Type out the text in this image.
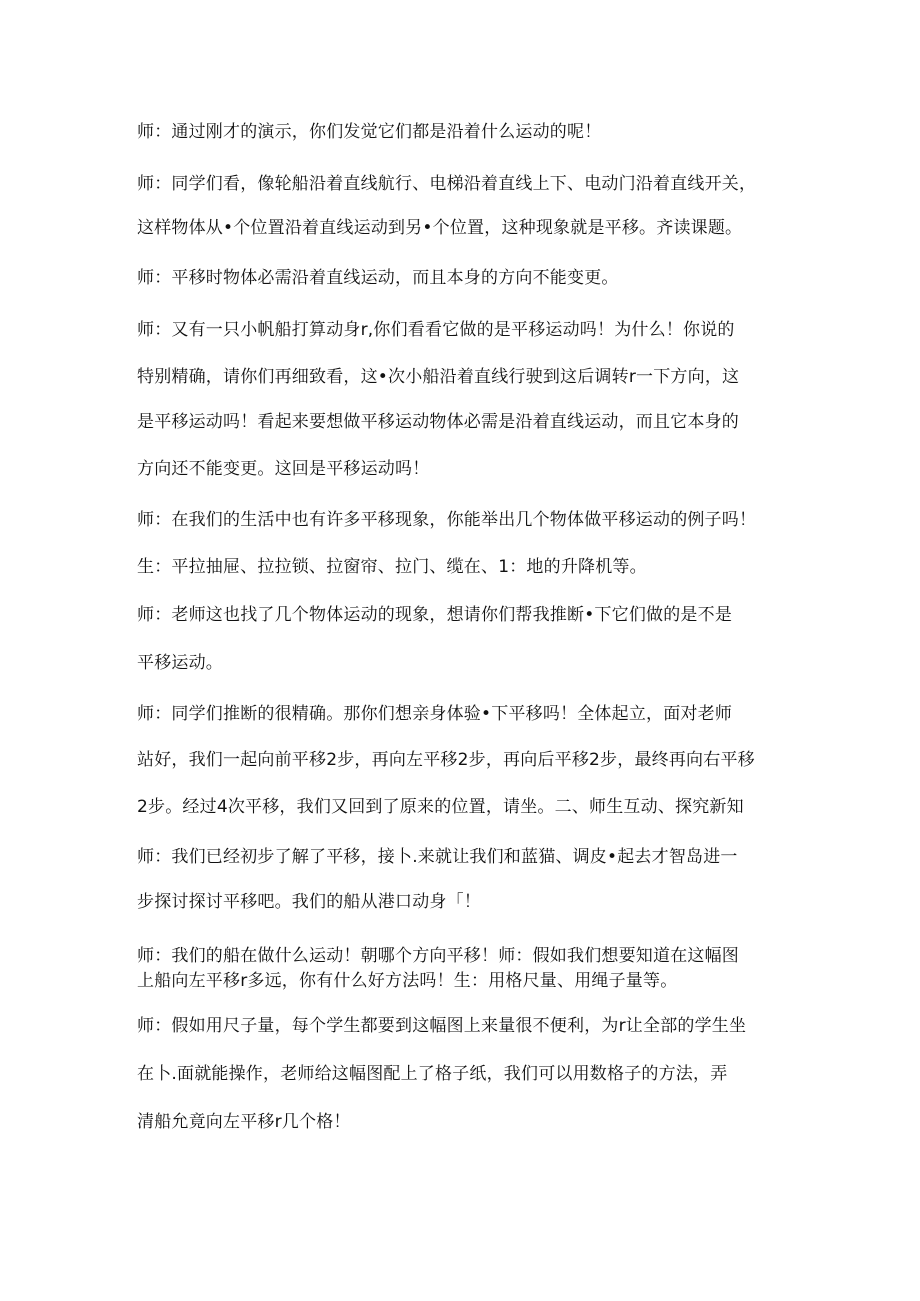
师：通过刚才的演示，你们发觉它们都是沿着什么运动的呢！
师：同学们看，像轮船沿着直线航行、电梯沿着直线上下、电动门沿着直线开关，
这样物体从•个位置沿着直线运动到另•个位置，这种现象就是平移。齐读课题。
师：平移时物体必需沿着直线运动，而且本身的方向不能变更。
师：又有一只小帆船打算动身r,你们看看它做的是平移运动吗！为什么！你说的
特别精确，请你们再细致看，这•次小船沿着直线行驶到这后调转r一下方向，这
是平移运动吗！看起来要想做平移运动物体必需是沿着直线运动，而且它本身的
方向还不能变更。这回是平移运动吗！
师：在我们的生活中也有许多平移现象，你能举出几个物体做平移运动的例子吗！
生：平拉抽屉、拉拉锁、拉窗帘、拉门、缆在、1：地的升降机等。
师：老师这也找了几个物体运动的现象，想请你们帮我推断•下它们做的是不是
平移运动。
师：同学们推断的很精确。那你们想亲身体验•下平移吗！全体起立，面对老师
站好，我们一起向前平移2步，再向左平移2步，再向后平移2步，最终再向右平移
2步。经过4次平移，我们又回到了原来的位置，请坐。二、师生互动、探究新知
师：我们已经初步了解了平移，接卜.来就让我们和蓝猫、调皮•起去才智岛进一
步探讨探讨平移吧。我们的船从港口动身「！
师：我们的船在做什么运动！朝哪个方向平移！师：假如我们想要知道在这幅图
上船向左平移r多远，你有什么好方法吗！生：用格尺量、用绳子量等。
师：假如用尺子量，每个学生都要到这幅图上来量很不便利，为r让全部的学生坐
在卜.面就能操作，老师给这幅图配上了格子纸，我们可以用数格子的方法，弄
清船允竟向左平移r几个格！
